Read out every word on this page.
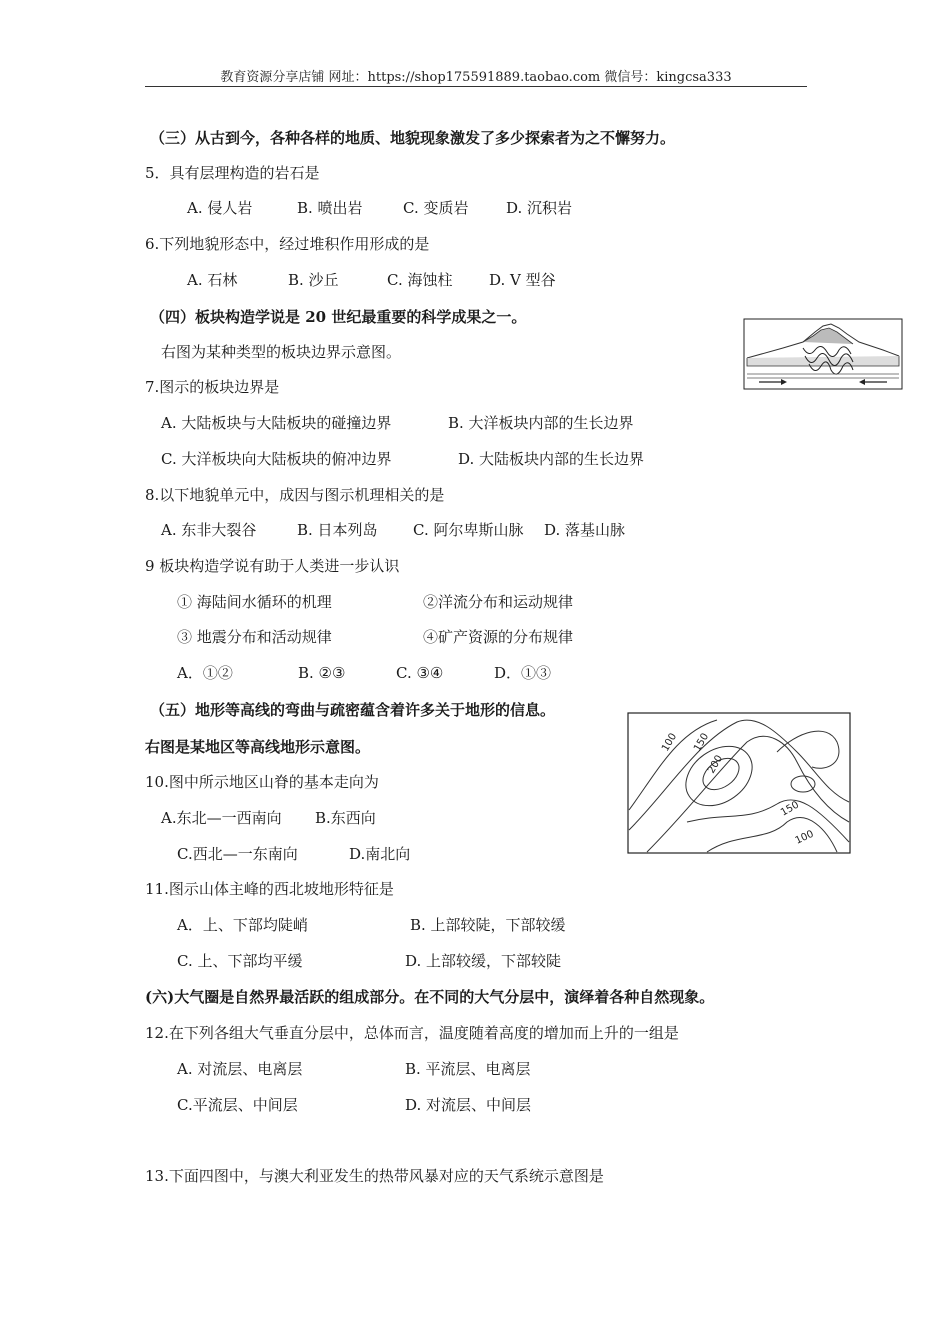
教育资源分享店铺 网址：https://shop175591889.taobao.com 微信号：kingcsa333
（三）从古到今，各种各样的地质、地貌现象激发了多少探索者为之不懈努力。
5．具有层理构造的岩石是
A. 侵人岩	B. 喷出岩	C. 变质岩	D. 沉积岩
6.下列地貌形态中，经过堆积作用形成的是
A. 石林	B. 沙丘	C. 海蚀柱 D. V 型谷
（四）板块构造学说是 20 世纪最重要的科学成果之一。
右图为某种类型的板块边界示意图。
7.图示的板块边界是
A. 大陆板块与大陆板块的碰撞边界	B. 大洋板块内部的生长边界
C. 大洋板块向大陆板块的俯冲边界	D. 大陆板块内部的生长边界
8.以下地貌单元中，成因与图示机理相关的是
A. 东非大裂谷	B. 日本列岛 C. 阿尔卑斯山脉 D. 落基山脉
9 板块构造学说有助于人类进一步认识
① 海陆间水循环的机理	②洋流分布和运动规律
③ 地震分布和活动规律	④矿产资源的分布规律
A．①②	B. ②③	C. ③④	D．①③
（五）地形等高线的弯曲与疏密蕴含着许多关于地形的信息。
右图是某地区等高线地形示意图。	100 150
200
150
100
10.图中所示地区山脊的基本走向为
A.东北—一西南向 B.东西向
C.西北—一东南向	D.南北向
11.图示山体主峰的西北坡地形特征是
A．上、下部均陡峭	B. 上部较陡，下部较缓
C. 上、下部均平缓	D. 上部较缓，下部较陡
(六)大气圈是自然界最活跃的组成部分。在不同的大气分层中，演绎着各种自然现象。
12.在下列各组大气垂直分层中，总体而言，温度随着高度的增加而上升的一组是
A. 对流层、电离层	B. 平流层、电离层
C.平流层、中间层	D. 对流层、中间层
13.下面四图中，与澳大利亚发生的热带风暴对应的天气系统示意图是
